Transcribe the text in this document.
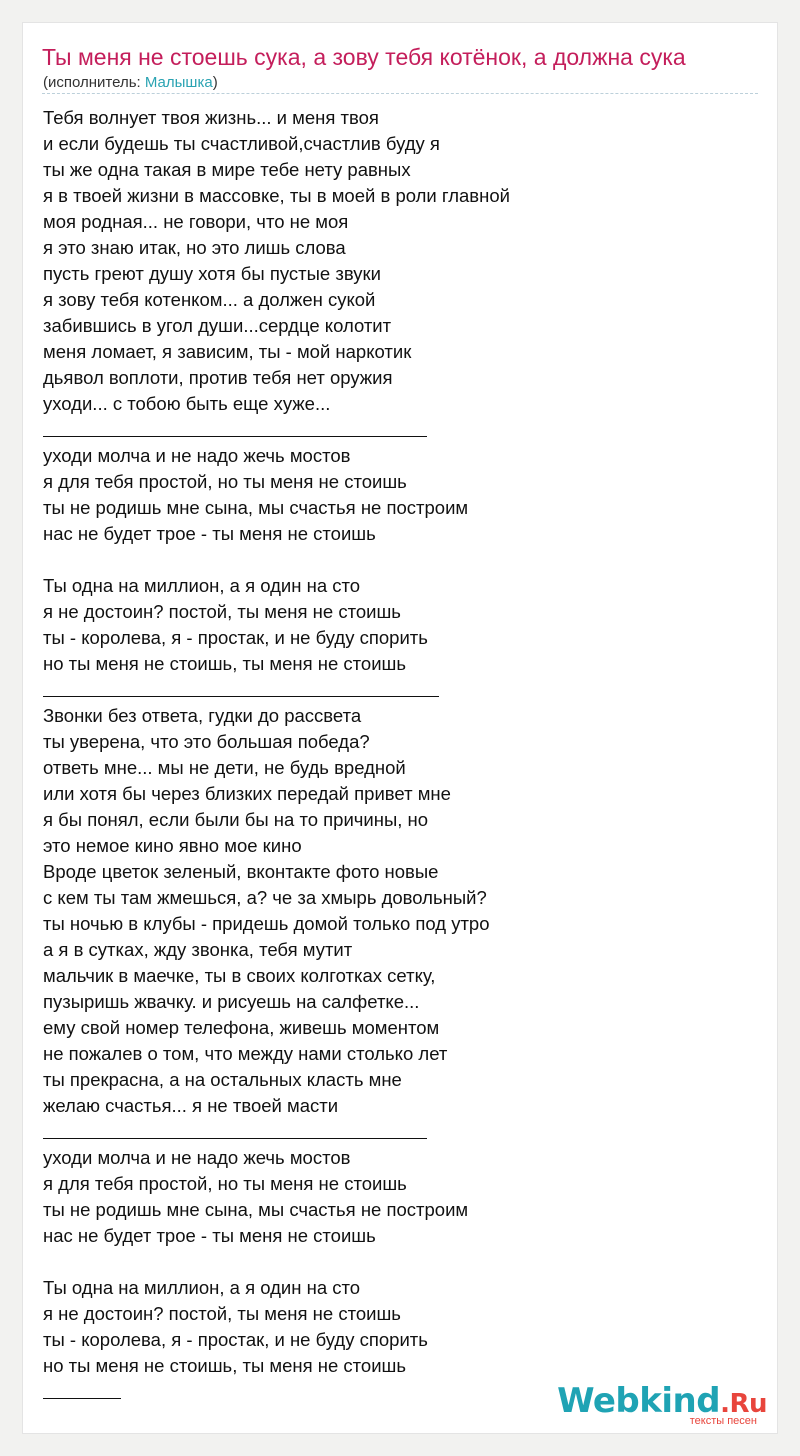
Ты меня не стоешь сука, а зову тебя котёнок, а должна сука
(исполнитель: Малышка)
Тебя волнует твоя жизнь... и меня твоя
и если будешь ты счастливой,счастлив буду я
ты же одна такая в мире тебе нету равных
я в твоей жизни в массовке, ты в моей в роли главной
моя родная... не говори, что не моя
я это знаю итак, но это лишь слова
пусть греют душу хотя бы пустые звуки
я зову тебя котенком... а должен сукой
забившись в угол души...сердце колотит
меня ломает, я зависим, ты - мой наркотик
дьявол воплоти, против тебя нет оружия
уходи... с тобою быть еще хуже...
уходи молча и не надо жечь мостов
я для тебя простой, но ты меня не стоишь
ты не родишь мне сына, мы счастья не построим
нас не будет трое - ты меня не стоишь
Ты одна на миллион, а я один на сто
я не достоин? постой, ты меня не стоишь
ты - королева, я - простак, и не буду спорить
но ты меня не стоишь, ты меня не стоишь
Звонки без ответа, гудки до рассвета
ты уверена, что это большая победа?
ответь мне... мы не дети, не будь вредной
или хотя бы через близких передай привет мне
я бы понял, если были бы на то причины, но
это немое кино явно мое кино
Вроде цветок зеленый, вконтакте фото новые
с кем ты там жмешься, а? че за хмырь довольный?
ты ночью в клубы - придешь домой только под утро
а я в сутках, жду звонка, тебя мутит
мальчик в маечке, ты в своих колготках сетку,
пузыришь жвачку. и рисуешь на салфетке...
ему свой номер телефона, живешь моментом
не пожалев о том, что между нами столько лет
ты прекрасна, а на остальных класть мне
желаю счастья... я не твоей масти
уходи молча и не надо жечь мостов
я для тебя простой, но ты меня не стоишь
ты не родишь мне сына, мы счастья не построим
нас не будет трое - ты меня не стоишь
Ты одна на миллион, а я один на сто
я не достоин? постой, ты меня не стоишь
ты - королева, я - простак, и не буду спорить
но ты меня не стоишь, ты меня не стоишь
Webkind.Ru
тексты песен
